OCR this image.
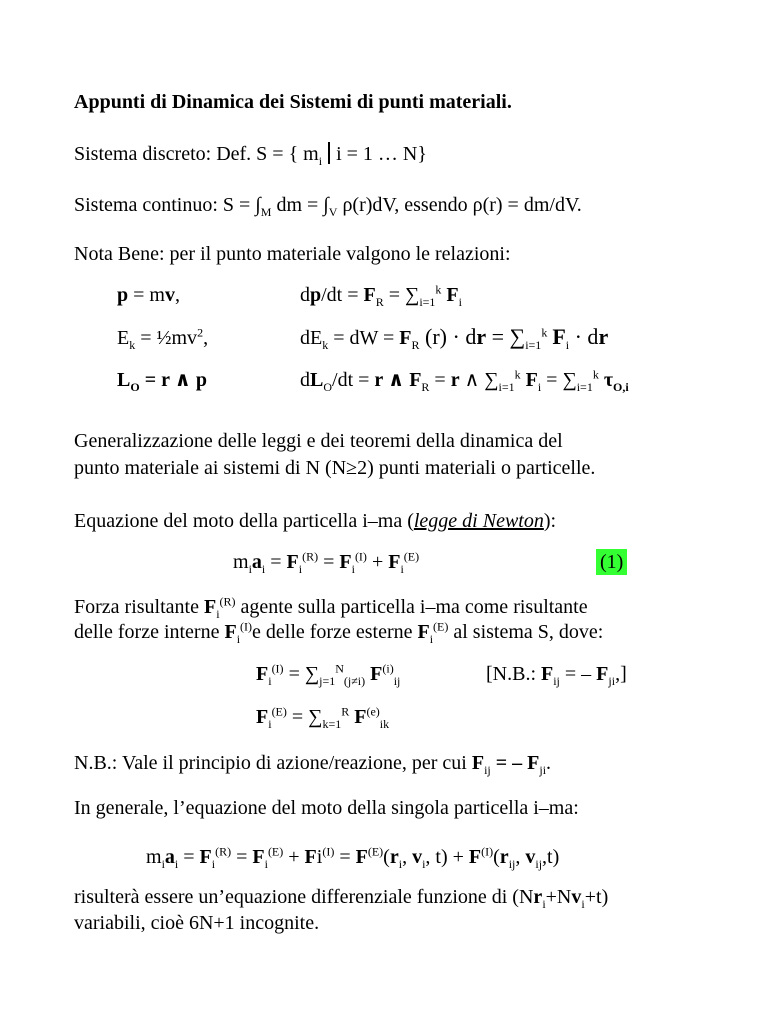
Appunti di Dinamica dei Sistemi di punti materiali.
Sistema discreto: Def. S = { $m_i$ i = 1 … N}
Sistema continuo: $S = \int_M$ dm = $\int_V$ ρ(r)dV, essendo ρ(r) = dm/dV.
Nota Bene: per il punto materiale valgono le relazioni:
p = mv,	$dp/dt = F_R = \sum_{i=1}^k$ $F_i$
$E_k$ = $\frac{1}{2}mv^2$,	$dE_k$ = dW = $F_R$ (r) · dr = $\sum_{i=1}^k$ $F_i$ · dr
$L_O = r$ ∧ p	$dL_O/dt = r$ ∧ $F_R = r$ ∧ $\sum_{i=1}^k$ $F_i = \sum_{i=1}^k$ $\tau_{O,i}$
Generalizzazione delle leggi e dei teoremi della dinamica del
punto materiale ai sistemi di N (N≥2) punti materiali o particelle.
Equazione del moto della particella i–ma (legge di Newton):
$m_ia_i = F_i^{(R)} = F_i^{(I)} + F_i^{(E)}$	(1)
Forza risultante $F_i^{(R)}$ agente sulla particella i–ma come risultante
delle forze interne $F_i^{(I)}e$ delle forze esterne $F_i^{(E)}$ al sistema S, dove:
$F_i^{(I)} = \sum_{j=1}^N_{(j\ne i)}$ $F^{(i)}_{ij}$	[N.B.: $F_{ij}$ = – $F_{ji}$,]
$F_i^{(E)} = \sum_{k=1}^R$ $F^{(e)}_{ik}$
N.B.: Vale il principio di azione/reazione, per cui $F_{ij}$ = – $F_{ji}$.
In generale, l’equazione del moto della singola particella i–ma:
$m_ia_i = F_i^{(R)} = F_i^{(E)} + Fi^{(I)} = F^{(E)}(r_i$, $v_i$, $t) + F^{(I)}(r_{ij}$, $v_{ij},t$)
risulterà essere un’equazione differenziale funzione di $(Nr_i+Nv_i+t)$
variabili, cioè 6N+1 incognite.
